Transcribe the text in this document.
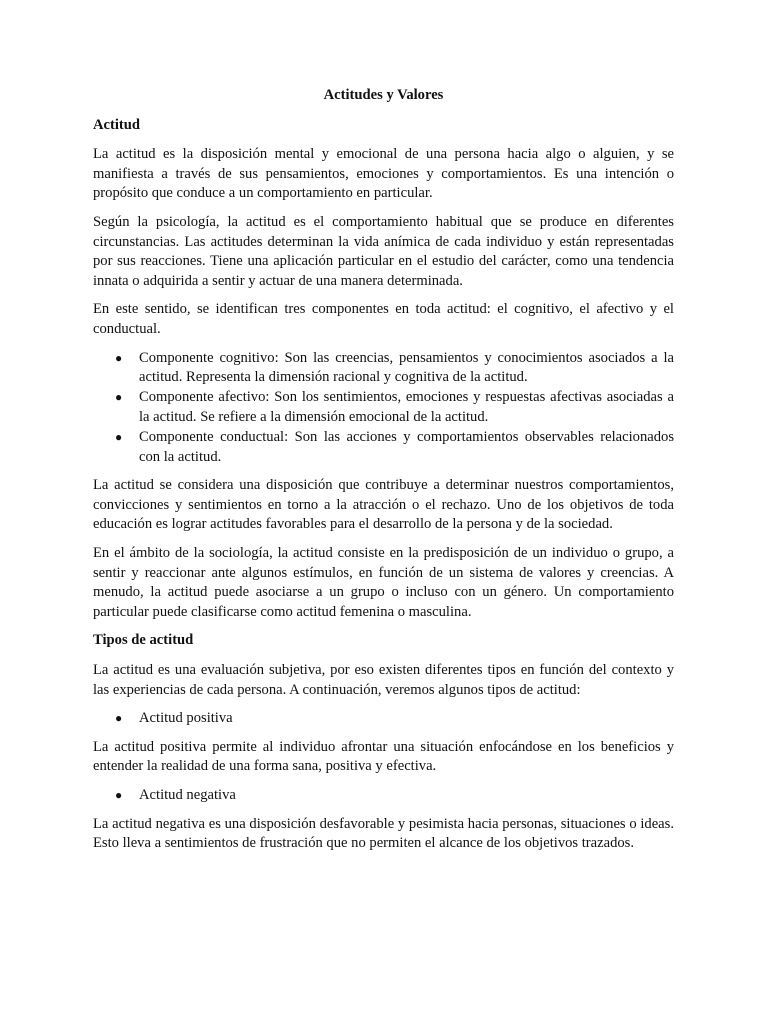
Actitudes y Valores
Actitud

La actitud es la disposición mental y emocional de una persona hacia algo o alguien, y se manifiesta a través de sus pensamientos, emociones y comportamientos. Es una intención o propósito que conduce a un comportamiento en particular.

Según la psicología, la actitud es el comportamiento habitual que se produce en diferentes circunstancias. Las actitudes determinan la vida anímica de cada individuo y están representadas por sus reacciones. Tiene una aplicación particular en el estudio del carácter, como una tendencia innata o adquirida a sentir y actuar de una manera determinada.

En este sentido, se identifican tres componentes en toda actitud: el cognitivo, el afectivo y el conductual.

● Componente cognitivo: Son las creencias, pensamientos y conocimientos asociados a la actitud. Representa la dimensión racional y cognitiva de la actitud.
● Componente afectivo: Son los sentimientos, emociones y respuestas afectivas asociadas a la actitud. Se refiere a la dimensión emocional de la actitud.
● Componente conductual: Son las acciones y comportamientos observables relacionados con la actitud.

La actitud se considera una disposición que contribuye a determinar nuestros comportamientos, convicciones y sentimientos en torno a la atracción o el rechazo. Uno de los objetivos de toda educación es lograr actitudes favorables para el desarrollo de la persona y de la sociedad.

En el ámbito de la sociología, la actitud consiste en la predisposición de un individuo o grupo, a sentir y reaccionar ante algunos estímulos, en función de un sistema de valores y creencias. A menudo, la actitud puede asociarse a un grupo o incluso con un género. Un comportamiento particular puede clasificarse como actitud femenina o masculina.

Tipos de actitud

La actitud es una evaluación subjetiva, por eso existen diferentes tipos en función del contexto y las experiencias de cada persona. A continuación, veremos algunos tipos de actitud:

● Actitud positiva

La actitud positiva permite al individuo afrontar una situación enfocándose en los beneficios y entender la realidad de una forma sana, positiva y efectiva.

● Actitud negativa

La actitud negativa es una disposición desfavorable y pesimista hacia personas, situaciones o ideas. Esto lleva a sentimientos de frustración que no permiten el alcance de los objetivos trazados.
